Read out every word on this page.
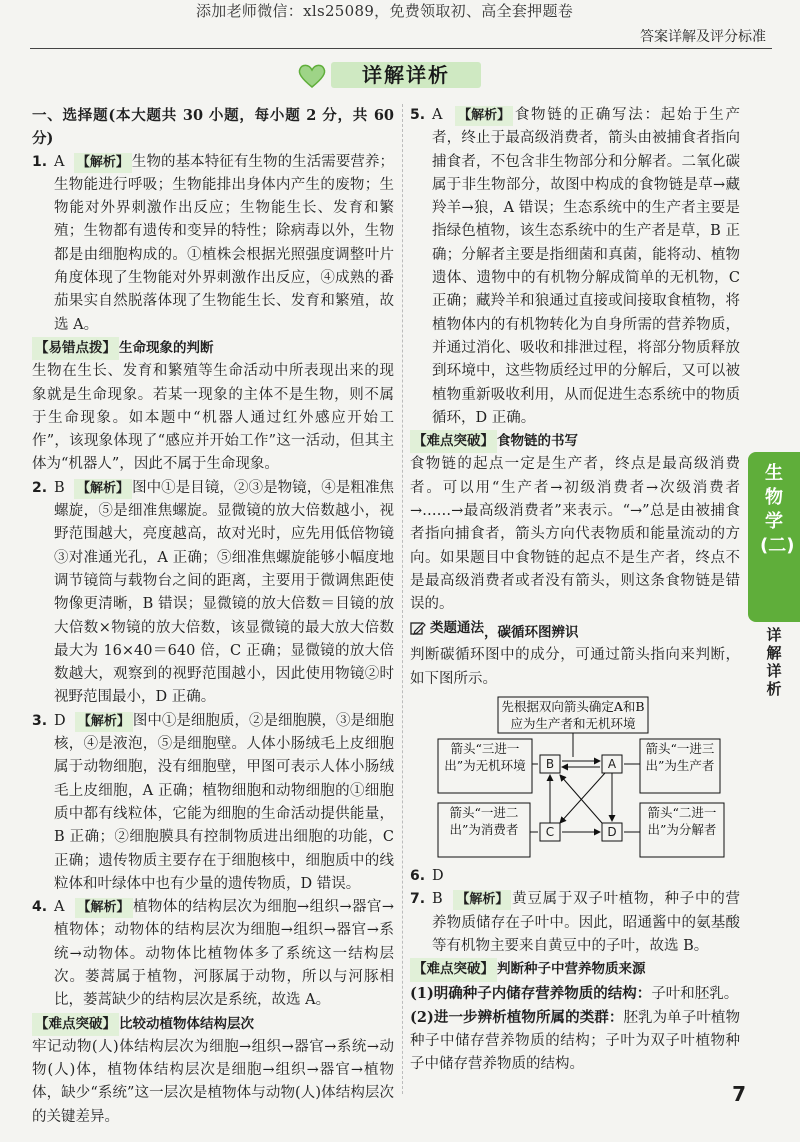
添加老师微信：xls25089，免费领取初、高全套押题卷
答案详解及评分标准
详解详析

一、选择题(本大题共 30 小题，每小题 2 分，共 60 分)

1. A 【解析】 生物的基本特征有生物的生活需要营养；生物能进行呼吸；生物能排出身体内产生的废物；生物能对外界刺激作出反应；生物能生长、发育和繁殖；生物都有遗传和变异的特性；除病毒以外，生物都是由细胞构成的。①植株会根据光照强度调整叶片角度体现了生物能对外界刺激作出反应，④成熟的番茄果实自然脱落体现了生物能生长、发育和繁殖，故选 A。

【易错点拨】 生命现象的判断

生物在生长、发育和繁殖等生命活动中所表现出来的现象就是生命现象。若某一现象的主体不是生物，则不属于生命现象。如本题中“机器人通过红外感应开始工作”，该现象体现了“感应并开始工作”这一活动，但其主体为“机器人”，因此不属于生命现象。

2. B 【解析】 图中①是目镜，②③是物镜，④是粗准焦螺旋，⑤是细准焦螺旋。显微镜的放大倍数越小，视野范围越大，亮度越高，故对光时，应先用低倍物镜③对准通光孔，A 正确；⑤细准焦螺旋能够小幅度地调节镜筒与载物台之间的距离，主要用于微调焦距使物像更清晰，B 错误；显微镜的放大倍数＝目镜的放大倍数×物镜的放大倍数，该显微镜的最大放大倍数最大为 16×40＝640 倍，C 正确；显微镜的放大倍数越大，观察到的视野范围越小，因此使用物镜②时视野范围最小，D 正确。

3. D 【解析】 图中①是细胞质，②是细胞膜，③是细胞核，④是液泡，⑤是细胞壁。人体小肠绒毛上皮细胞属于动物细胞，没有细胞壁，甲图可表示人体小肠绒毛上皮细胞，A 正确；植物细胞和动物细胞的①细胞质中都有线粒体，它能为细胞的生命活动提供能量，B 正确；②细胞膜具有控制物质进出细胞的功能，C 正确；遗传物质主要存在于细胞核中，细胞质中的线粒体和叶绿体中也有少量的遗传物质，D 错误。

4. A 【解析】 植物体的结构层次为细胞→组织→器官→植物体；动物体的结构层次为细胞→组织→器官→系统→动物体。动物体比植物体多了系统这一结构层次。蒌蒿属于植物，河豚属于动物，所以与河豚相比，蒌蒿缺少的结构层次是系统，故选 A。

【难点突破】 比较动植物体结构层次

牢记动物(人)体结构层次为细胞→组织→器官→系统→动物(人)体，植物体结构层次是细胞→组织→器官→植物体，缺少“系统”这一层次是植物体与动物(人)体结构层次的关键差异。

5. A 【解析】 食物链的正确写法：起始于生产者，终止于最高级消费者，箭头由被捕食者指向捕食者，不包含非生物部分和分解者。二氧化碳属于非生物部分，故图中构成的食物链是草→藏羚羊→狼，A 错误；生态系统中的生产者主要是指绿色植物，该生态系统中的生产者是草，B 正确；分解者主要是指细菌和真菌，能将动、植物遗体、遗物中的有机物分解成简单的无机物，C 正确；藏羚羊和狼通过直接或间接取食植物，将植物体内的有机物转化为自身所需的营养物质，并通过消化、吸收和排泄过程，将部分物质释放到环境中，这些物质经过甲的分解后，又可以被植物重新吸收利用，从而促进生态系统中的物质循环，D 正确。

【难点突破】 食物链的书写

食物链的起点一定是生产者，终点是最高级消费者。可以用“生产者→初级消费者→次级消费者→……→最高级消费者”来表示。“→”总是由被捕食者指向捕食者，箭头方向代表物质和能量流动的方向。如果题目中食物链的起点不是生产者，终点不是最高级消费者或者没有箭头，则这条食物链是错误的。

类题通法 ，碳循环图辨识

判断碳循环图中的成分，可通过箭头指向来判断，如下图所示。

先根据双向箭头确定A和B应为生产者和无机环境
箭头“三进一出”为无机环境
箭头“一进三出”为生产者
箭头“一进二出”为消费者
箭头“二进一出”为分解者
B	A
C	D
6. D

7. B 【解析】 黄豆属于双子叶植物，种子中的营养物质储存在子叶中。因此，昭通酱中的氨基酸等有机物主要来自黄豆中的子叶，故选 B。

【难点突破】 判断种子中营养物质来源

(1)明确种子内储存营养物质的结构：子叶和胚乳。

(2)进一步辨析植物所属的类群：胚乳为单子叶植物种子中储存营养物质的结构；子叶为双子叶植物种子中储存营养物质的结构。

生物学(二)
详解详析
7
